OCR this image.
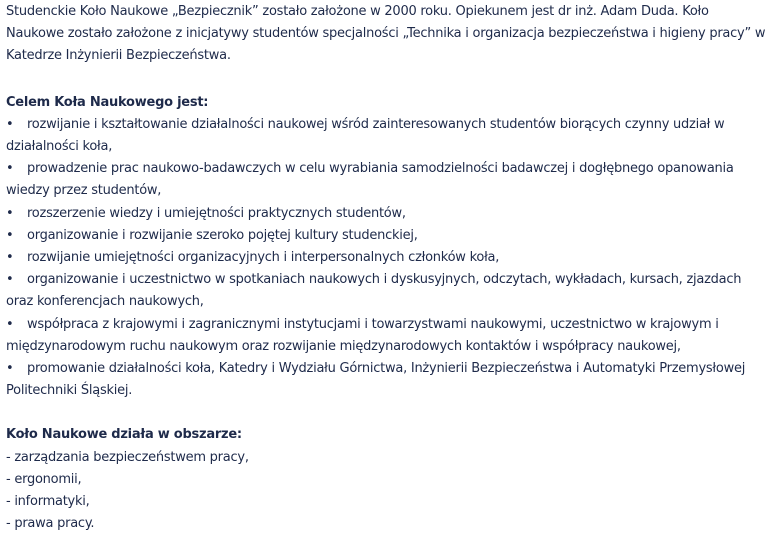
Studenckie Koło Naukowe „Bezpiecznik” zostało założone w 2000 roku. Opiekunem jest dr inż. Adam Duda. Koło Naukowe zostało założone z inicjatywy studentów specjalności „Technika i organizacja bezpieczeństwa i higieny pracy” w Katedrze Inżynierii Bezpieczeństwa.

Celem Koła Naukowego jest:

• rozwijanie i kształtowanie działalności naukowej wśród zainteresowanych studentów biorących czynny udział w działalności koła,
• prowadzenie prac naukowo-badawczych w celu wyrabiania samodzielności badawczej i dogłębnego opanowania wiedzy przez studentów,
• rozszerzenie wiedzy i umiejętności praktycznych studentów,
• organizowanie i rozwijanie szeroko pojętej kultury studenckiej,
• rozwijanie umiejętności organizacyjnych i interpersonalnych członków koła,
• organizowanie i uczestnictwo w spotkaniach naukowych i dyskusyjnych, odczytach, wykładach, kursach, zjazdach oraz konferencjach naukowych,
• współpraca z krajowymi i zagranicznymi instytucjami i towarzystwami naukowymi, uczestnictwo w krajowym i międzynarodowym ruchu naukowym oraz rozwijanie międzynarodowych kontaktów i współpracy naukowej,
• promowanie działalności koła, Katedry i Wydziału Górnictwa, Inżynierii Bezpieczeństwa i Automatyki Przemysłowej Politechniki Śląskiej.

Koło Naukowe działa w obszarze:

- zarządzania bezpieczeństwem pracy,
- ergonomii,
- informatyki,
- prawa pracy.
